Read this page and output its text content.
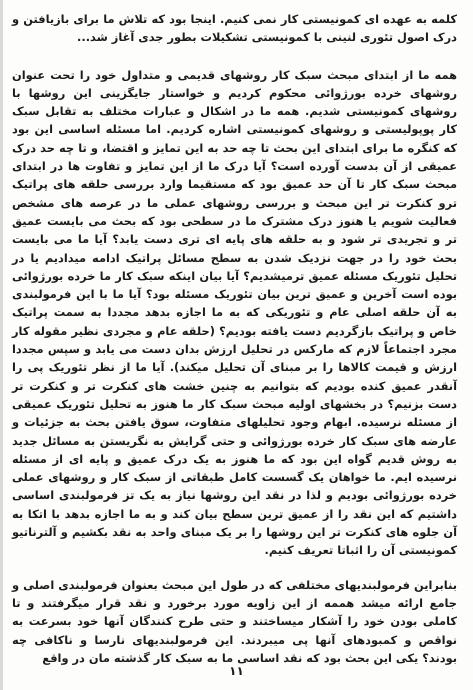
کلمه به عهده ای کمونیستی کار نمی کنیم. اینجا بود که تلاش ما برای بازیافتن و درک اصول تئوری لنینی با کمونیستی تشکیلات بطور جدی آغاز شد...

همه ما از ابتدای مبحث سبک کار روشهای قدیمی و متداول خود را تحت عنوان روشهای خرده بورژوائی محکوم کردیم و خواستار جایگزینی این روشها با روشهای کمونیستی شدیم. همه ما در اشکال و عبارات مختلف به تقابل سبک کار پوپولیستی و روشهای کمونیستی اشاره کردیم. اما مسئله اساسی این بود که کنگره ما برای ابتدای این بحث تا چه حد به این تمایز و اقتضا، و تا چه حد درک عمیقی از آن بدست آورده است؟ آیا درک ما از این تمایز و تفاوت ها در ابتدای مبحث سبک کار تا آن حد عمیق بود که مستقیما وارد بررسی حلقه های پراتیک ترو کنکرت تر این مبحث و بررسی روشهای عملی ما در عرصه های مشخص فعالیت شویم یا هنوز درک مشترک ما در سطحی بود که بحث می بایست عمیق تر و تجریدی تر شود و به حلقه های پایه ای تری دست یابد؟ آیا ما می بایست بحث خود را در جهت نزدیک شدن به سطح مسائل پراتیک ادامه میدادیم یا در تحلیل تئوریک مسئله عمیق ترمیشدیم؟ آیا بیان اینکه سبک کار ما خرده بورژوائی بوده است آخرین و عمیق ترین بیان تئوریک مسئله بود؟ آیا ما با این فرمولبندی به آن حلقه اصلی عام و تئوریکی که به ما اجازه بدهد مجددا به سمت پراتیک خاص و پراتیک بازگردیم دست یافته بودیم؟ (حلقه عام و مجردی نظیر مقوله کار مجرد اجتماعاً لازم که مارکس در تحلیل ارزش بدان دست می یابد و سپس مجددا ارزش و قیمت کالاها را بر مبنای آن تحلیل میکند). آیا ما از نظر تئوریک پی را آنقدر عمیق کنده بودیم که بتوانیم به چنین خشت های کنکرت تر و کنکرت تر دست بزنیم؟ در بخشهای اولیه مبحث سبک کار ما هنوز به تحلیل تئوریک عمیقی از مسئله نرسیده. ابهام وجود تحلیلهای متفاوت، سوق یافتن بحث به جزئیات و عارضه های سبک کار خرده بورژوائی و حتی گرایش به نگریستن به مسائل جدید به روش قدیم گواه این بود که ما هنوز به یک درک عمیق و پایه ای از مسئله نرسیده ایم. ما خواهان یک گسست کامل طبقاتی از سبک کار و روشهای عملی خرده بورژوائی بودیم و لذا در نقد این روشها نیاز به یک تز فرمولبندی اساسی داشتیم که این نقد را از عمیق ترین سطح بیان کند و به ما اجازه بدهد با اتکا به آن جلوه های کنکرت تر این روشها را بر یک مبنای واحد به نقد بکشیم و آلترناتیو کمونیستی آن را اثباتا تعریف کنیم.

بنابراین فرمولبندیهای مختلفی که در طول این مبحث بعنوان فرمولبندی اصلی و جامع ارائه میشد هممه از این زاویه مورد برخورد و نقد قرار میگرفتند و تا کاملی بودن خود را آشکار میساختند و حتی طرح کنندگان آنها خود بسرعت به نواقص و کمبودهای آنها پی میبردند. این فرمولبندیهای نارسا و ناکافی چه بودند؟ یکی این بحث بود که نقد اساسی ما به سبک کار گذشته مان در واقع

۱۱
